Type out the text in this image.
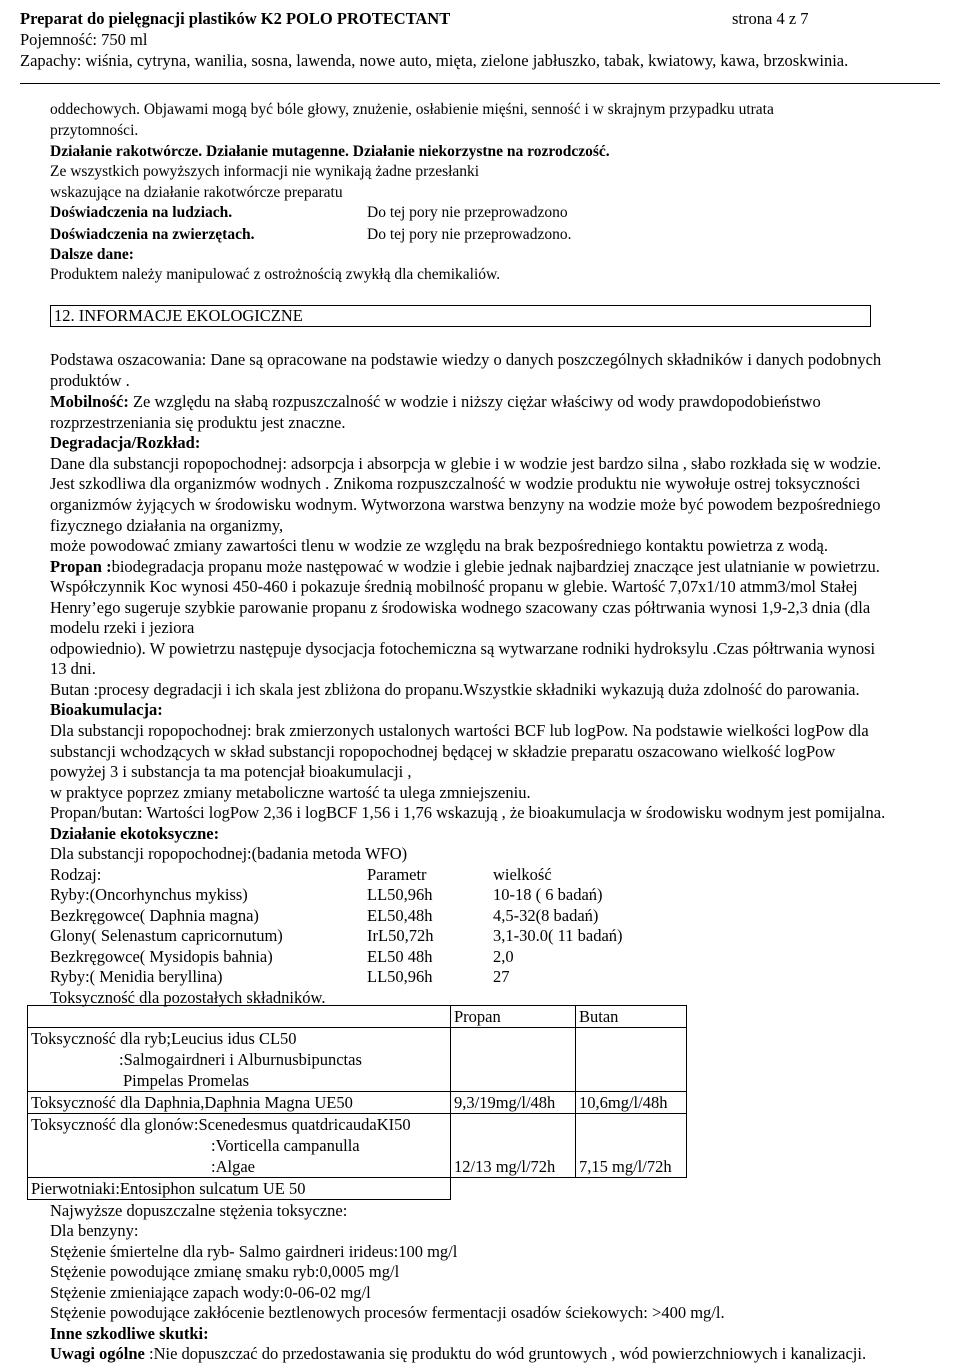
Preparat do pielęgnacji plastików K2 POLO PROTECTANT	strona 4 z 7
Pojemność: 750 ml
Zapachy: wiśnia, cytryna, wanilia, sosna, lawenda, nowe auto, mięta, zielone jabłuszko, tabak, kwiatowy, kawa, brzoskwinia.
oddechowych. Objawami mogą być bóle głowy, znużenie, osłabienie mięśni, senność i w skrajnym przypadku utrata
przytomności.
Działanie rakotwórcze. Działanie mutagenne. Działanie niekorzystne na rozrodczość.
Ze wszystkich powyższych informacji nie wynikają żadne przesłanki
wskazujące na działanie rakotwórcze preparatu
Doświadczenia na ludziach.	Do tej pory nie przeprowadzono
Doświadczenia na zwierzętach.	Do tej pory nie przeprowadzono.
Dalsze dane:
Produktem należy manipulować z ostrożnością zwykłą dla chemikaliów.
12. INFORMACJE EKOLOGICZNE
Podstawa oszacowania: Dane są opracowane na podstawie wiedzy o danych poszczególnych składników i danych podobnych
produktów .
Mobilność: Ze względu na słabą rozpuszczalność w wodzie i niższy ciężar właściwy od wody prawdopodobieństwo
rozprzestrzeniania się produktu jest znaczne.
Degradacja/Rozkład:
Dane dla substancji ropopochodnej: adsorpcja i absorpcja w glebie i w wodzie jest bardzo silna , słabo rozkłada się w wodzie.
Jest szkodliwa dla organizmów wodnych . Znikoma rozpuszczalność w wodzie produktu nie wywołuje ostrej toksyczności
organizmów żyjących w środowisku wodnym. Wytworzona warstwa benzyny na wodzie może być powodem bezpośredniego
fizycznego działania na organizmy,
może powodować zmiany zawartości tlenu w wodzie ze względu na brak bezpośredniego kontaktu powietrza z wodą.
Propan :biodegradacja propanu może następować w wodzie i glebie jednak najbardziej znaczące jest ulatnianie w powietrzu.
Współczynnik Koc wynosi 450-460 i pokazuje średnią mobilność propanu w glebie. Wartość 7,07x1/10 atmm3/mol Stałej
Henry’ego sugeruje szybkie parowanie propanu z środowiska wodnego szacowany czas półtrwania wynosi 1,9-2,3 dnia (dla
modelu rzeki i jeziora
odpowiednio). W powietrzu następuje dysocjacja fotochemiczna są wytwarzane rodniki hydroksylu .Czas półtrwania wynosi
13 dni.
Butan :procesy degradacji i ich skala jest zbliżona do propanu.Wszystkie składniki wykazują duża zdolność do parowania.
Bioakumulacja:
Dla substancji ropopochodnej: brak zmierzonych ustalonych wartości BCF lub logPow. Na podstawie wielkości logPow dla
substancji wchodzących w skład substancji ropopochodnej będącej w składzie preparatu oszacowano wielkość logPow
powyżej 3 i substancja ta ma potencjał bioakumulacji ,
w praktyce poprzez zmiany metaboliczne wartość ta ulega zmniejszeniu.
Propan/butan: Wartości logPow 2,36 i logBCF 1,56 i 1,76 wskazują , że bioakumulacja w środowisku wodnym jest pomijalna.
Działanie ekotoksyczne:
Dla substancji ropopochodnej:(badania metoda WFO)
Rodzaj:	Parametr	wielkość
Ryby:(Oncorhynchus mykiss)	LL50,96h	10-18 ( 6 badań)
Bezkręgowce( Daphnia magna)	EL50,48h	4,5-32(8 badań)
Glony( Selenastum capricornutum)	IrL50,72h	3,1-30.0( 11 badań)
Bezkręgowce( Mysidopis bahnia)	EL50 48h	2,0
Ryby:( Menidia beryllina)	LL50,96h	27
Toksyczność dla pozostałych składników.
	Propan	Butan

Toksyczność dla ryb;Leucius idus CL50
:Salmogairdneri i Alburnusbipunctas
Pimpelas Promelas		

Toksyczność dla Daphnia,Daphnia Magna UE50	9,3/19mg/l/48h	10,6mg/l/48h

Toksyczność dla glonów:Scenedesmus quatdricaudaKI50
:Vorticella campanulla
:Algae	12/13 mg/l/72h	7,15 mg/l/72h
Pierwotniaki:Entosiphon sulcatum UE 50		
Najwyższe dopuszczalne stężenia toksyczne:
Dla benzyny:
Stężenie śmiertelne dla ryb- Salmo gairdneri irideus:100 mg/l
Stężenie powodujące zmianę smaku ryb:0,0005 mg/l
Stężenie zmieniające zapach wody:0-06-02 mg/l
Stężenie powodujące zakłócenie beztlenowych procesów fermentacji osadów ściekowych: >400 mg/l.
Inne szkodliwe skutki:
Uwagi ogólne :Nie dopuszczać do przedostawania się produktu do wód gruntowych , wód powierzchniowych i kanalizacji.
